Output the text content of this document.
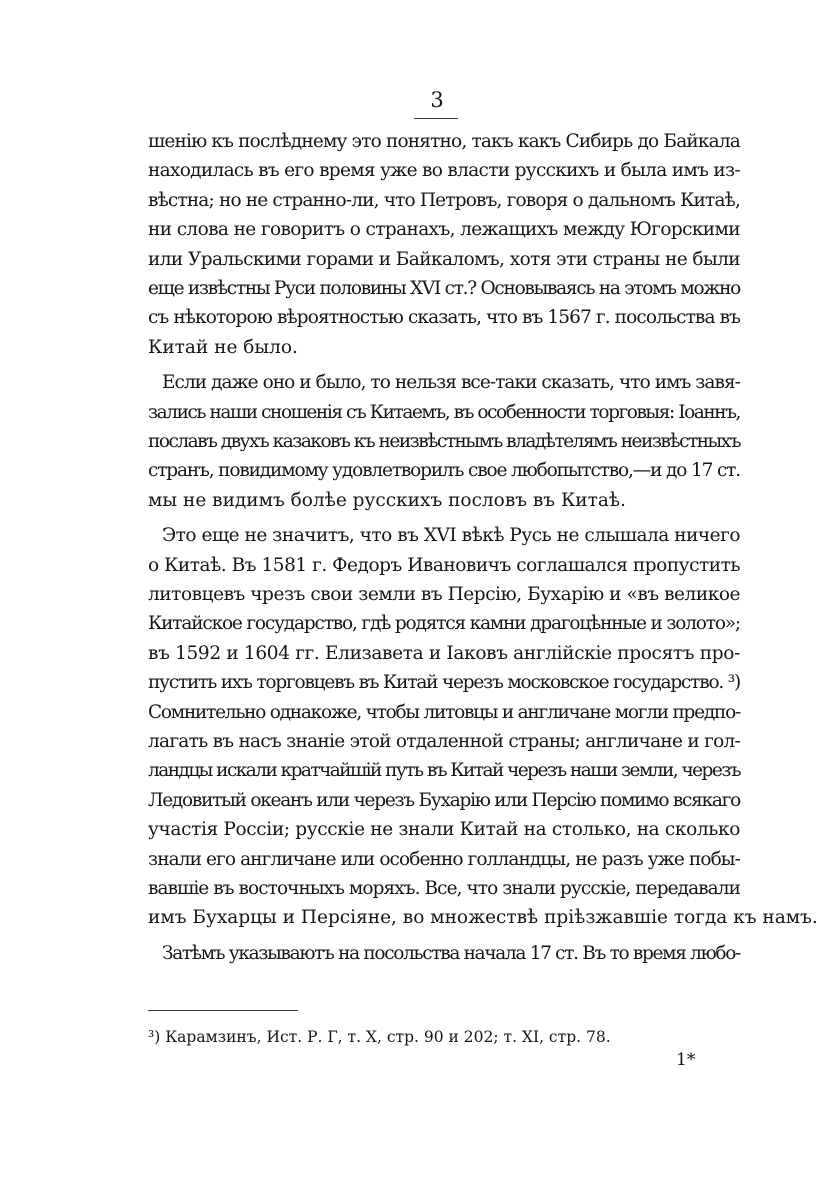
3
шенію къ послѣднему это понятно, такъ какъ Сибирь до Байкала
находилась въ его время уже во власти русскихъ и была имъ из-
вѣстна; но не странно-ли, что Петровъ, говоря о дальномъ Китаѣ,
ни слова не говоритъ о странахъ, лежащихъ между Югорскими
или Уральскими горами и Байкаломъ, хотя эти страны не были
еще извѣстны Руси половины XVI ст.? Основываясь на этомъ можно
съ нѣкоторою вѣроятностью сказать, что въ 1567 г. посольства въ
Китай не было.
Если даже оно и было, то нельзя все-таки сказать, что имъ завя-
зались наши сношенія съ Китаемъ, въ особенности торговыя: Іоаннъ,
пославъ двухъ казаковъ къ неизвѣстнымъ владѣтелямъ неизвѣстныхъ
странъ, повидимому удовлетворилъ свое любопытство,—и до 17 ст.
мы не видимъ болѣе русскихъ пословъ въ Китаѣ.
Это еще не значитъ, что въ XVI вѣкѣ Русь не слышала ничего
о Китаѣ. Въ 1581 г. Федоръ Ивановичъ соглашался пропустить
литовцевъ чрезъ свои земли въ Персію, Бухарію и «въ великое
Китайское государство, гдѣ родятся камни драгоцѣнные и золото»;
въ 1592 и 1604 гг. Елизавета и Іаковъ англійскіе просятъ про-
пустить ихъ торговцевъ въ Китай черезъ московское государство. ³)
Сомнительно однакоже, чтобы литовцы и англичане могли предпо-
лагать въ насъ знаніе этой отдаленной страны; англичане и гол-
ландцы искали кратчайшій путь въ Китай черезъ наши земли, черезъ
Ледовитый океанъ или черезъ Бухарію или Персію помимо всякаго
участія Россіи; русскіе не знали Китай на столько, на сколько
знали его англичане или особенно голландцы, не разъ уже побы-
вавшіе въ восточныхъ моряхъ. Все, что знали русскіе, передавали
имъ Бухарцы и Персіяне, во множествѣ пріѣзжавшіе тогда къ намъ.
Затѣмъ указываютъ на посольства начала 17 ст. Въ то время любо-
³) Карамзинъ, Ист. Р. Г, т. X, стр. 90 и 202; т. XI, стр. 78.
1*
